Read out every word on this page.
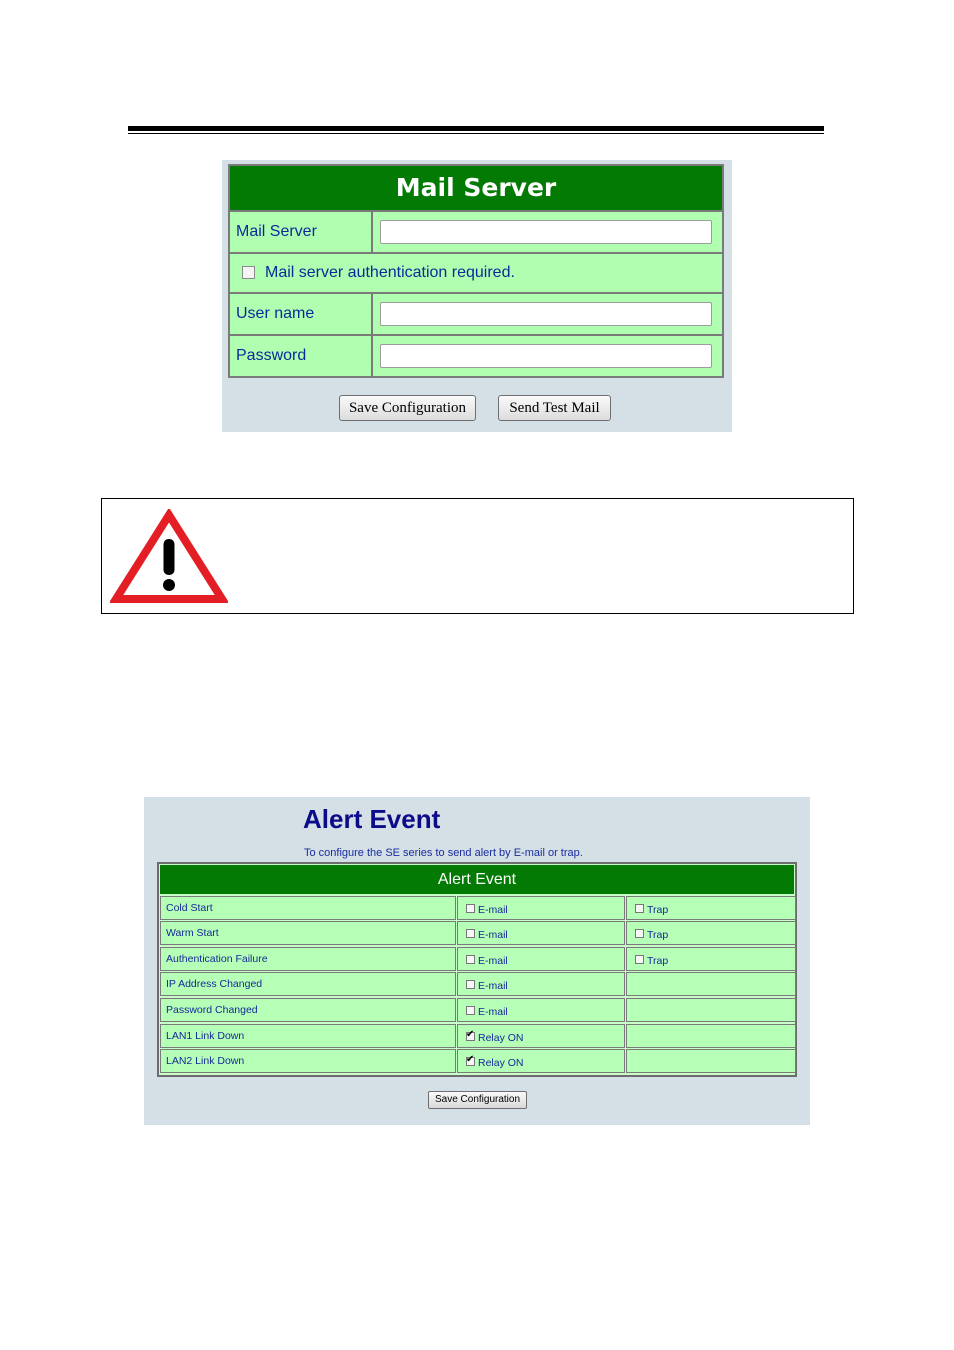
Mail Server
Mail Server
Mail server authentication required.
User name
Password
Save Configuration	Send Test Mail
Alert Event
To configure the SE series to send alert by E-mail or trap.
Alert Event
Cold Start	E-mail	Trap
Warm Start	E-mail	Trap
Authentication Failure	E-mail	Trap
IP Address Changed	E-mail
Password Changed	E-mail
LAN1 Link Down ✔	Relay ON
LAN2 Link Down ✔	Relay ON
Save Configuration
